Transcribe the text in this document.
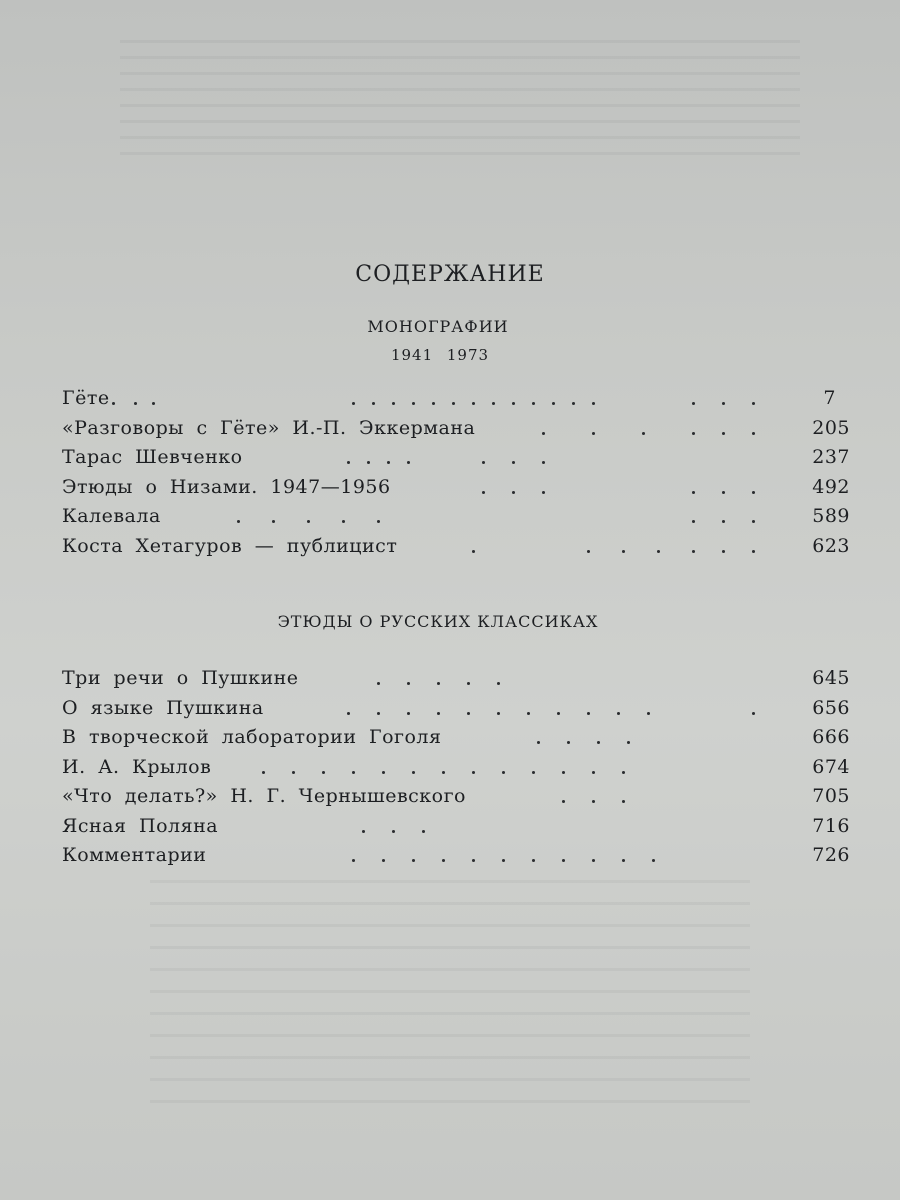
СОДЕРЖАНИЕ
МОНОГРАФИИ
1941 1973
Гёте	7
«Разговоры с Гёте» И.-П. Эккермана	205
Тарас Шевченко	237
Этюды о Низами. 1947—1956	492
Калевала	589
Коста Хетагуров — публицист	623
ЭТЮДЫ О РУССКИХ КЛАССИКАХ
Три речи о Пушкине	645
О языке Пушкина	656
В творческой лаборатории Гоголя	666
И. А. Крылов	674
«Что делать?» Н. Г. Чернышевского	705
Ясная Поляна	716
Комментарии	726
